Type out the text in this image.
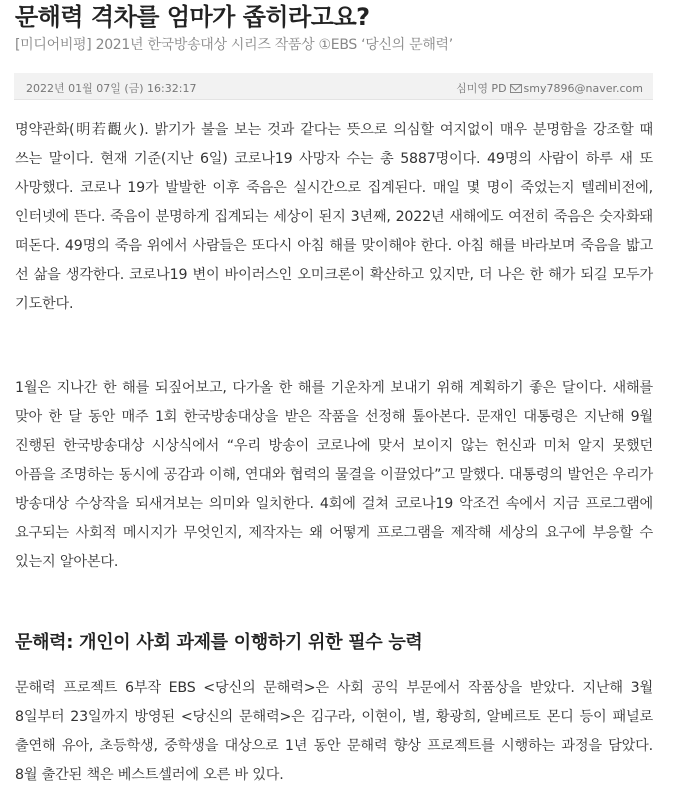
문해력 격차를 엄마가 좁히라고요?

[미디어비평] 2021년 한국방송대상 시리즈 작품상 ①EBS ‘당신의 문해력’

2022년 01월 07일 (금) 16:32:17	심미영 PD smy7896@naver.com

명약관화(明若觀火). 밝기가 불을 보는 것과 같다는 뜻으로 의심할 여지없이 매우 분명함을 강조할 때 쓰는 말이다. 현재 기준(지난 6일) 코로나19 사망자 수는 총 5887명이다. 49명의 사람이 하루 새 또 사망했다. 코로나 19가 발발한 이후 죽음은 실시간으로 집계된다. 매일 몇 명이 죽었는지 텔레비전에, 인터넷에 뜬다. 죽음이 분명하게 집계되는 세상이 된지 3년째, 2022년 새해에도 여전히 죽음은 숫자화돼 떠돈다. 49명의 죽음 위에서 사람들은 또다시 아침 해를 맞이해야 한다. 아침 해를 바라보며 죽음을 밟고 선 삶을 생각한다. 코로나19 변이 바이러스인 오미크론이 확산하고 있지만, 더 나은 한 해가 되길 모두가 기도한다.

1월은 지나간 한 해를 되짚어보고, 다가올 한 해를 기운차게 보내기 위해 계획하기 좋은 달이다. 새해를 맞아 한 달 동안 매주 1회 한국방송대상을 받은 작품을 선정해 톺아본다. 문재인 대통령은 지난해 9월 진행된 한국방송대상 시상식에서 “우리 방송이 코로나에 맞서 보이지 않는 헌신과 미처 알지 못했던 아픔을 조명하는 동시에 공감과 이해, 연대와 협력의 물결을 이끌었다”고 말했다. 대통령의 발언은 우리가 방송대상 수상작을 되새겨보는 의미와 일치한다. 4회에 걸쳐 코로나19 악조건 속에서 지금 프로그램에 요구되는 사회적 메시지가 무엇인지, 제작자는 왜 어떻게 프로그램을 제작해 세상의 요구에 부응할 수 있는지 알아본다.

문해력: 개인이 사회 과제를 이행하기 위한 필수 능력

문해력 프로젝트 6부작 EBS <당신의 문해력>은 사회 공익 부문에서 작품상을 받았다. 지난해 3월 8일부터 23일까지 방영된 <당신의 문해력>은 김구라, 이현이, 별, 황광희, 알베르토 몬디 등이 패널로 출연해 유아, 초등학생, 중학생을 대상으로 1년 동안 문해력 향상 프로젝트를 시행하는 과정을 담았다. 8월 출간된 책은 베스트셀러에 오른 바 있다.
